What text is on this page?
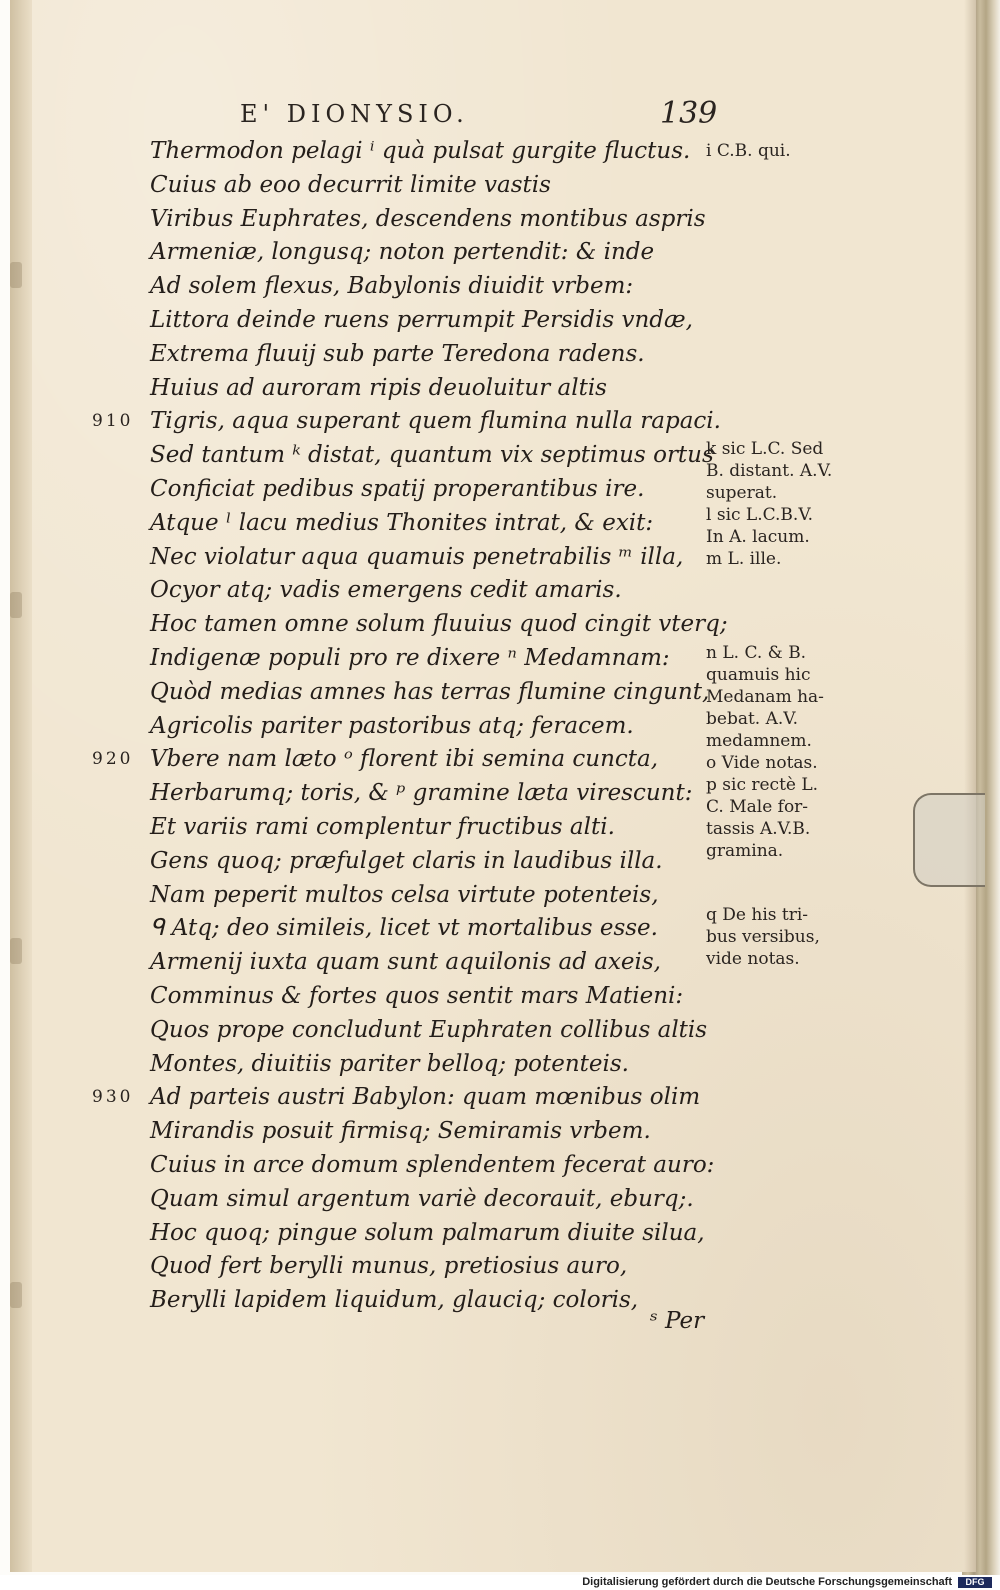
E' DIONYSIO.	139
Thermodon pelagi ⁱ quà pulsat gurgite fluctus.
Cuius ab eoo decurrit limite vastis
Viribus Euphrates, descendens montibus aspris
Armeniæ, longusq; noton pertendit: & inde
Ad solem flexus, Babylonis diuidit vrbem:
Littora deinde ruens perrumpit Persidis vndæ,
Extrema fluuij sub parte Teredona radens.
Huius ad auroram ripis deuoluitur altis
Tigris, aqua superant quem flumina nulla rapaci.
910
Sed tantum ᵏ distat, quantum vix septimus ortus
Conficiat pedibus spatij properantibus ire.
Atque ˡ lacu medius Thonites intrat, & exit:
Nec violatur aqua quamuis penetrabilis ᵐ illa,
Ocyor atq; vadis emergens cedit amaris.
Hoc tamen omne solum fluuius quod cingit vterq;
Indigenæ populi pro re dixere ⁿ Medamnam:
Quòd medias amnes has terras flumine cingunt,
Agricolis pariter pastoribus atq; feracem.
Vbere nam læto ᵒ florent ibi semina cuncta,
920
Herbarumq; toris, & ᵖ gramine læta virescunt:
Et variis rami complentur fructibus alti.
Gens quoq; præfulget claris in laudibus illa.
Nam peperit multos celsa virtute potenteis,
ᑫ Atq; deo simileis, licet vt mortalibus esse.
Armenij iuxta quam sunt aquilonis ad axeis,
Comminus & fortes quos sentit mars Matieni:
Quos prope concludunt Euphraten collibus altis
Montes, diuitiis pariter belloq; potenteis.
Ad parteis austri Babylon: quam mœnibus olim
930
Mirandis posuit firmisq; Semiramis vrbem.
Cuius in arce domum splendentem fecerat auro:
Quam simul argentum variè decorauit, eburq;.
Hoc quoq; pingue solum palmarum diuite silua,
Quod fert berylli munus, pretiosius auro,
Berylli lapidem liquidum, glauciq; coloris,
i C.B. qui.
k sic L.C. Sed
B. distant. A.V.
superat.
l sic L.C.B.V.
In A. lacum.
m L. ille.
n L. C. & B.
quamuis hic
Medanam ha-
bebat. A.V.
medamnem.
o Vide notas.
p sic rectè L.
C. Male for-
tassis A.V.B.
gramina.
q De his tri-
bus versibus,
vide notas.
ˢ Per
Digitalisierung gefördert durch die Deutsche Forschungsgemeinschaft	DFG
